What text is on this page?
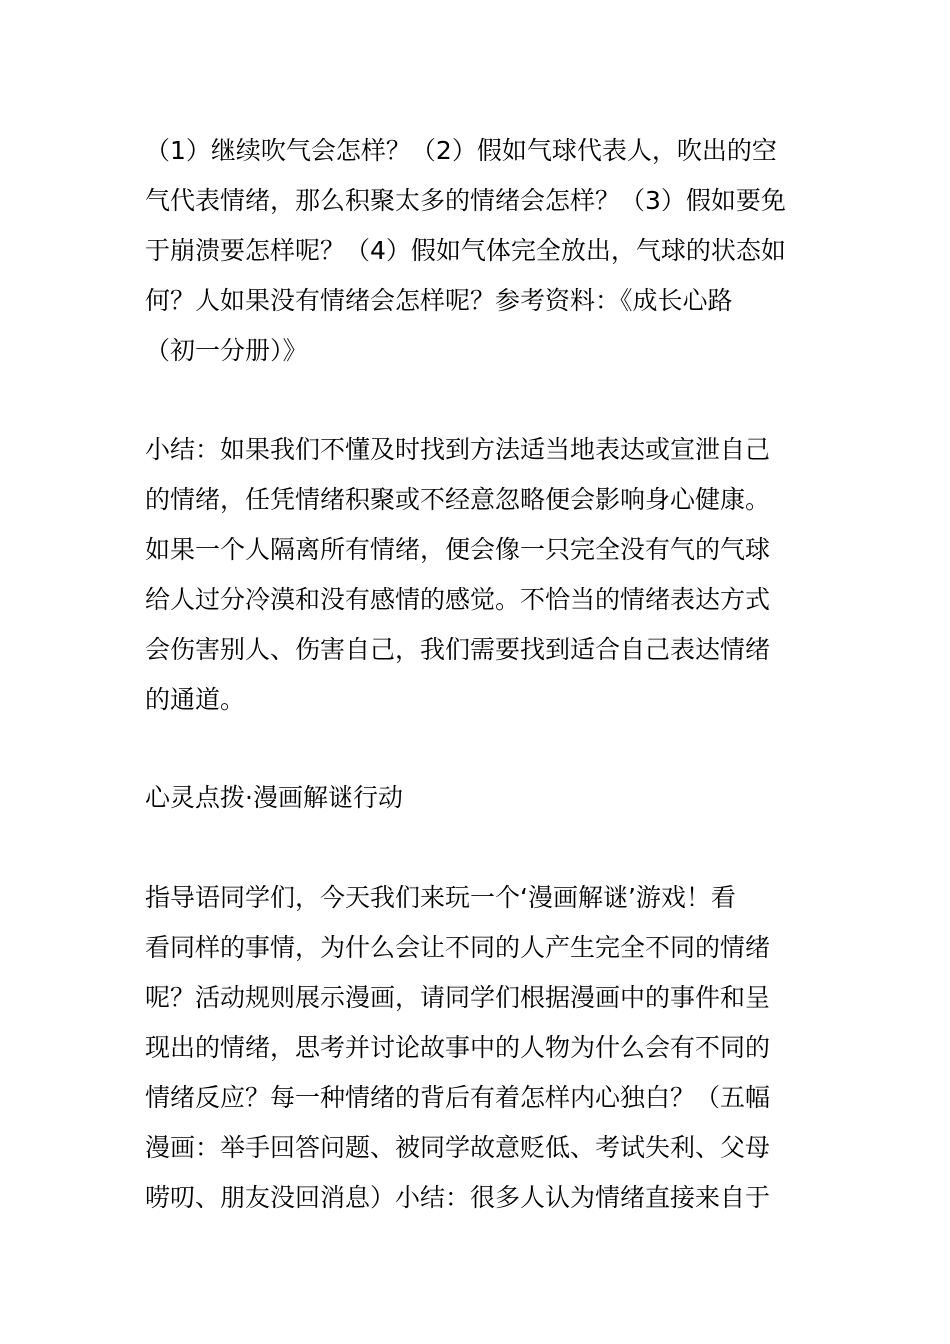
（1）继续吹气会怎样？（2）假如气球代表人，吹出的空
气代表情绪，那么积聚太多的情绪会怎样？（3）假如要免
于崩溃要怎样呢？（4）假如气体完全放出，气球的状态如
何？人如果没有情绪会怎样呢？参考资料：《成长心路
（初一分册）》

小结：如果我们不懂及时找到方法适当地表达或宣泄自己
的情绪，任凭情绪积聚或不经意忽略便会影响身心健康。
如果一个人隔离所有情绪，便会像一只完全没有气的气球
给人过分冷漠和没有感情的感觉。不恰当的情绪表达方式
会伤害别人、伤害自己，我们需要找到适合自己表达情绪
的通道。

心灵点拨·漫画解谜行动

指导语同学们，今天我们来玩一个‘漫画解谜’游戏！看
看同样的事情，为什么会让不同的人产生完全不同的情绪
呢？活动规则展示漫画，请同学们根据漫画中的事件和呈
现出的情绪，思考并讨论故事中的人物为什么会有不同的
情绪反应？每一种情绪的背后有着怎样内心独白？（五幅
漫画：举手回答问题、被同学故意贬低、考试失利、父母
唠叨、朋友没回消息）小结：很多人认为情绪直接来自于
